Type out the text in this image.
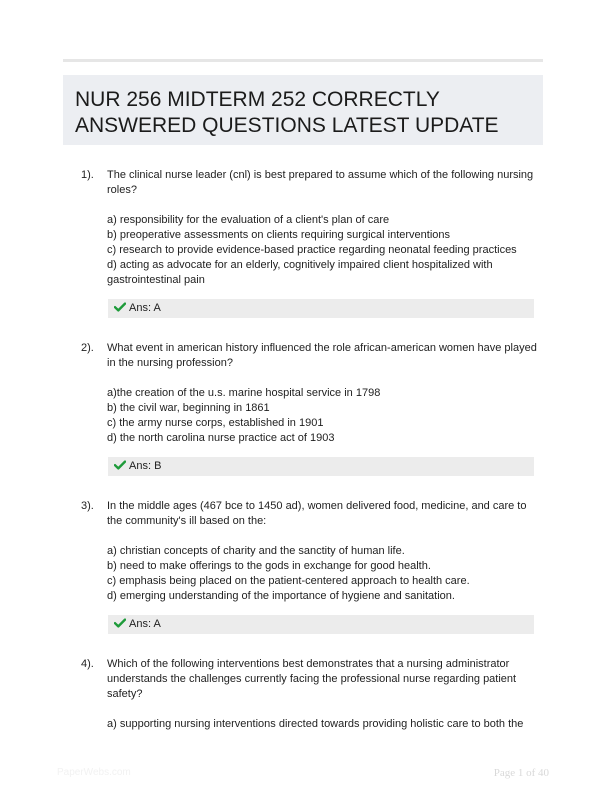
NUR 256 MIDTERM 252 CORRECTLY ANSWERED QUESTIONS LATEST UPDATE
1). The clinical nurse leader (cnl) is best prepared to assume which of the following nursing roles?

a) responsibility for the evaluation of a client's plan of care
b) preoperative assessments on clients requiring surgical interventions
c) research to provide evidence-based practice regarding neonatal feeding practices
d) acting as advocate for an elderly, cognitively impaired client hospitalized with gastrointestinal pain
Ans: A
2). What event in american history influenced the role african-american women have played in the nursing profession?

a)the creation of the u.s. marine hospital service in 1798
b) the civil war, beginning in 1861
c) the army nurse corps, established in 1901
d) the north carolina nurse practice act of 1903
Ans: B
3). In the middle ages (467 bce to 1450 ad), women delivered food, medicine, and care to the community's ill based on the:

a) christian concepts of charity and the sanctity of human life.
b) need to make offerings to the gods in exchange for good health.
c) emphasis being placed on the patient-centered approach to health care.
d) emerging understanding of the importance of hygiene and sanitation.
Ans: A
4). Which of the following interventions best demonstrates that a nursing administrator understands the challenges currently facing the professional nurse regarding patient safety?

a) supporting nursing interventions directed towards providing holistic care to both the
PaperWebs.com	Page 1 of 40
